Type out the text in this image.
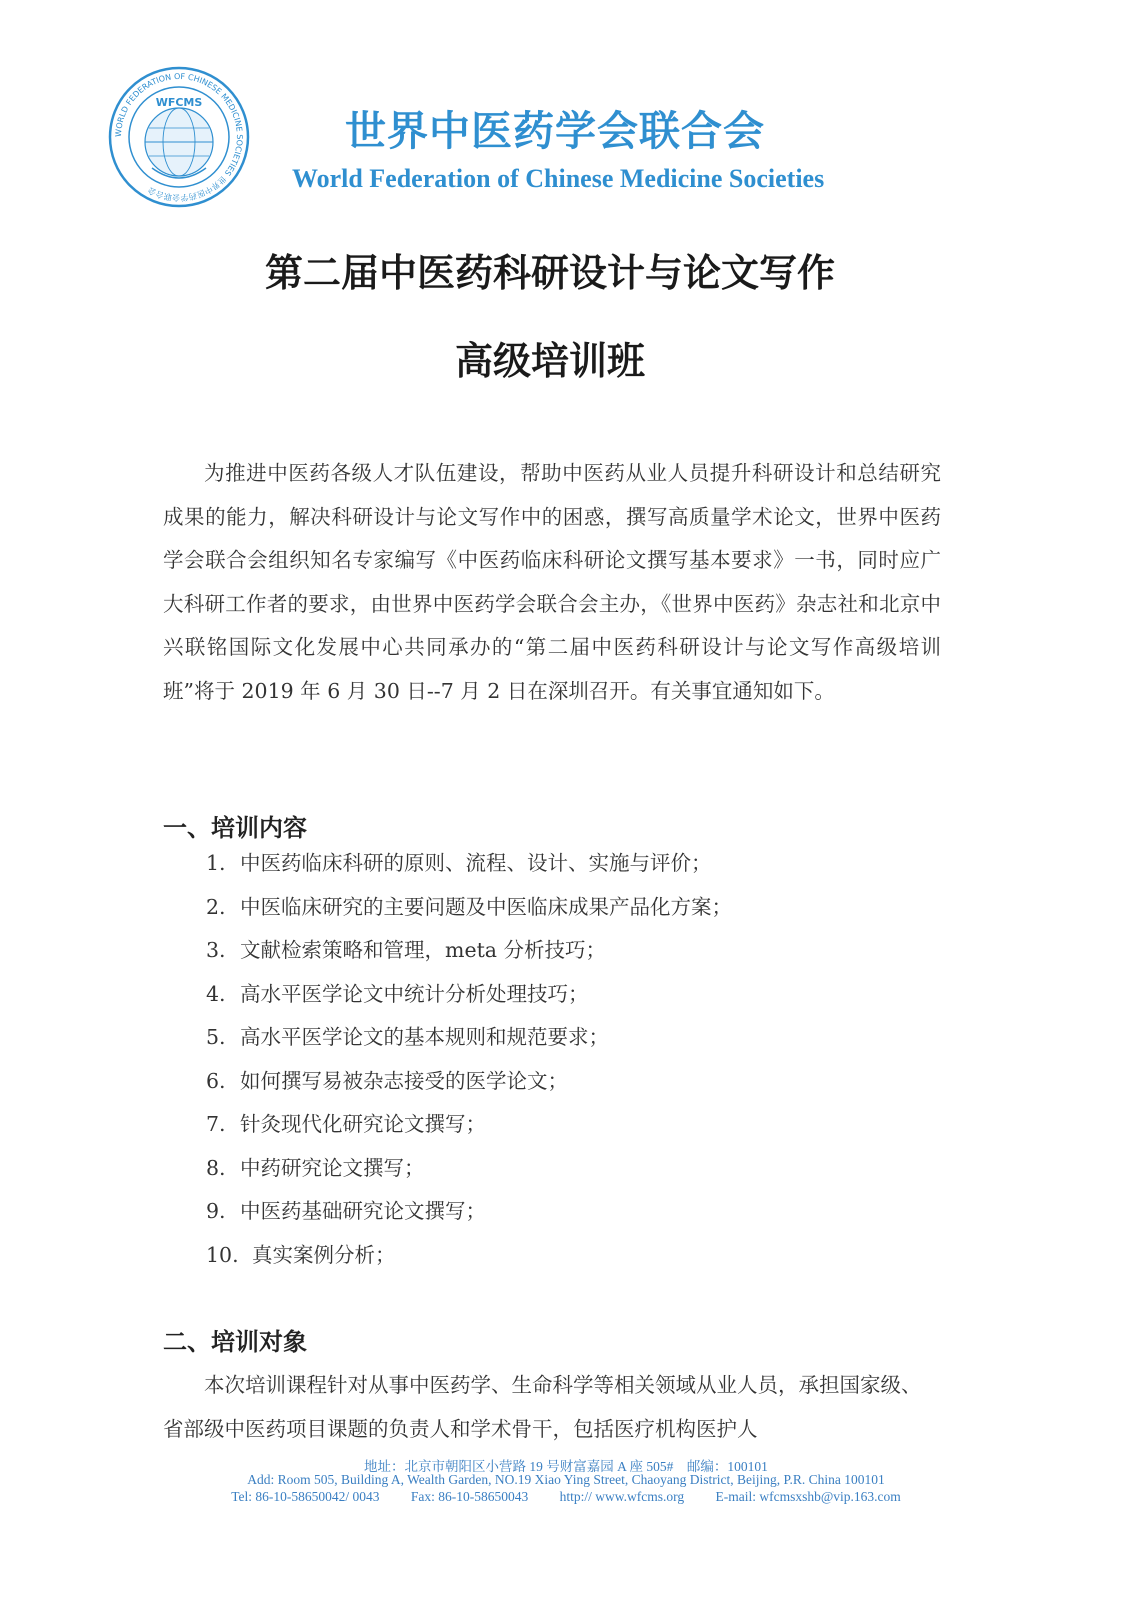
WORLD FEDERATION OF CHINESE MEDICINE SOCIETIES 世界中医药学会联合会
WFCMS
世界中医药学会联合会
World Federation of Chinese Medicine Societies
第二届中医药科研设计与论文写作
高级培训班

为推进中医药各级人才队伍建设，帮助中医药从业人员提升科研设计和总结研究成果的能力，解决科研设计与论文写作中的困惑，撰写高质量学术论文，世界中医药学会联合会组织知名专家编写《中医药临床科研论文撰写基本要求》一书，同时应广大科研工作者的要求，由世界中医药学会联合会主办，《世界中医药》杂志社和北京中兴联铭国际文化发展中心共同承办的“第二届中医药科研设计与论文写作高级培训班”将于 2019 年 6 月 30 日--7 月 2 日在深圳召开。有关事宜通知如下。

一、培训内容
1. 中医药临床科研的原则、流程、设计、实施与评价；
2. 中医临床研究的主要问题及中医临床成果产品化方案；
3. 文献检索策略和管理，meta 分析技巧；
4. 高水平医学论文中统计分析处理技巧；
5. 高水平医学论文的基本规则和规范要求；
6. 如何撰写易被杂志接受的医学论文；
7. 针灸现代化研究论文撰写；
8. 中药研究论文撰写；
9. 中医药基础研究论文撰写；
10. 真实案例分析；
二、培训对象

本次培训课程针对从事中医药学、生命科学等相关领域从业人员，承担国家级、省部级中医药项目课题的负责人和学术骨干，包括医疗机构医护人

地址：北京市朝阳区小营路 19 号财富嘉园 A 座 505#　邮编：100101
Add: Room 505, Building A, Wealth Garden, NO.19 Xiao Ying Street, Chaoyang District, Beijing, P.R. China 100101
Tel: 86-10-58650042/ 0043 Fax: 86-10-58650043 http:// www.wfcms.org E-mail: wfcmsxshb@vip.163.com
